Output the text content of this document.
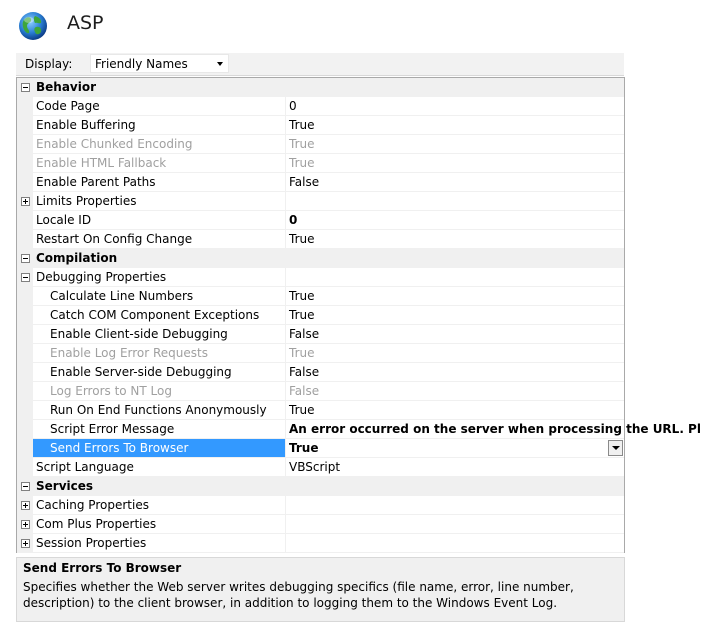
ASP
Display: Friendly Names
Behavior
Code Page	0
Enable Buffering	True
Enable Chunked Encoding	True
Enable HTML Fallback	True
Enable Parent Paths	False
Limits Properties
Locale ID	0
Restart On Config Change	True
Compilation
Debugging Properties
Calculate Line Numbers	True
Catch COM Component Exceptions	True
Enable Client-side Debugging	False
Enable Log Error Requests	True
Enable Server-side Debugging	False
Log Errors to NT Log	False
Run On End Functions Anonymously	True
Script Error Message	An error occurred on the server when processing the URL. Pl
Send Errors To Browser	True
Script Language	VBScript
Services
Caching Properties
Com Plus Properties
Session Properties
Send Errors To Browser
Specifies whether the Web server writes debugging specifics (file name, error, line number, description) to the client browser, in addition to logging them to the Windows Event Log.
